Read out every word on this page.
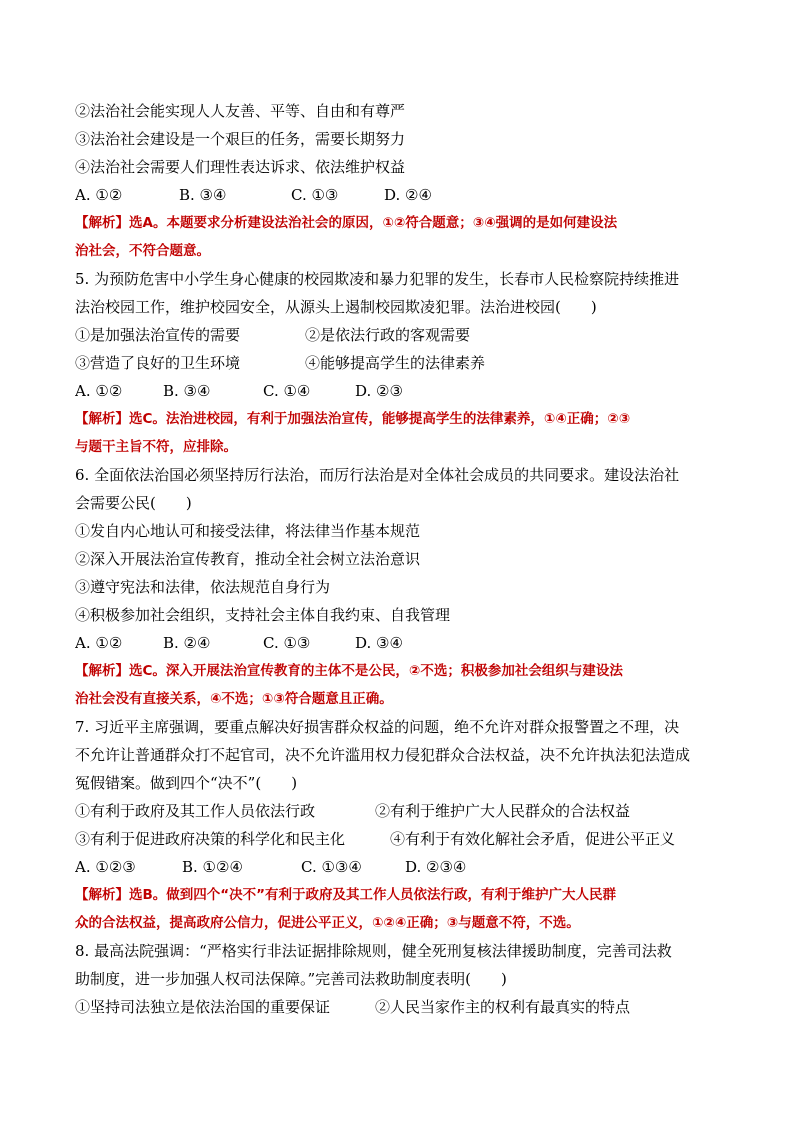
②法治社会能实现人人友善、平等、自由和有尊严
③法治社会建设是一个艰巨的任务，需要长期努力
④法治社会需要人们理性表达诉求、依法维护权益
A. ①②	B. ③④	C. ①③	D. ②④
【解析】选A。本题要求分析建设法治社会的原因，①②符合题意；③④强调的是如何建设法
治社会，不符合题意。
5. 为预防危害中小学生身心健康的校园欺凌和暴力犯罪的发生，长春市人民检察院持续推进
法治校园工作，维护校园安全，从源头上遏制校园欺凌犯罪。法治进校园(　　)
①是加强法治宣传的需要	②是依法行政的客观需要
③营造了良好的卫生环境	④能够提高学生的法律素养
A. ①②	B. ③④	C. ①④	D. ②③
【解析】选C。法治进校园，有利于加强法治宣传，能够提高学生的法律素养，①④正确；②③
与题干主旨不符，应排除。
6. 全面依法治国必须坚持厉行法治，而厉行法治是对全体社会成员的共同要求。建设法治社
会需要公民(　　)
①发自内心地认可和接受法律，将法律当作基本规范
②深入开展法治宣传教育，推动全社会树立法治意识
③遵守宪法和法律，依法规范自身行为
④积极参加社会组织，支持社会主体自我约束、自我管理
A. ①②	B. ②④	C. ①③	D. ③④
【解析】选C。深入开展法治宣传教育的主体不是公民，②不选；积极参加社会组织与建设法
治社会没有直接关系，④不选；①③符合题意且正确。
7. 习近平主席强调，要重点解决好损害群众权益的问题，绝不允许对群众报警置之不理，决
不允许让普通群众打不起官司，决不允许滥用权力侵犯群众合法权益，决不允许执法犯法造成
冤假错案。做到四个“决不”(　　)
①有利于政府及其工作人员依法行政	②有利于维护广大人民群众的合法权益
③有利于促进政府决策的科学化和民主化	④有利于有效化解社会矛盾，促进公平正义
A. ①②③	B. ①②④	C. ①③④	D. ②③④
【解析】选B。做到四个“决不”有利于政府及其工作人员依法行政，有利于维护广大人民群
众的合法权益，提高政府公信力，促进公平正义，①②④正确；③与题意不符，不选。
8. 最高法院强调：“严格实行非法证据排除规则，健全死刑复核法律援助制度，完善司法救
助制度，进一步加强人权司法保障。”完善司法救助制度表明(　　)
①坚持司法独立是依法治国的重要保证	②人民当家作主的权利有最真实的特点
